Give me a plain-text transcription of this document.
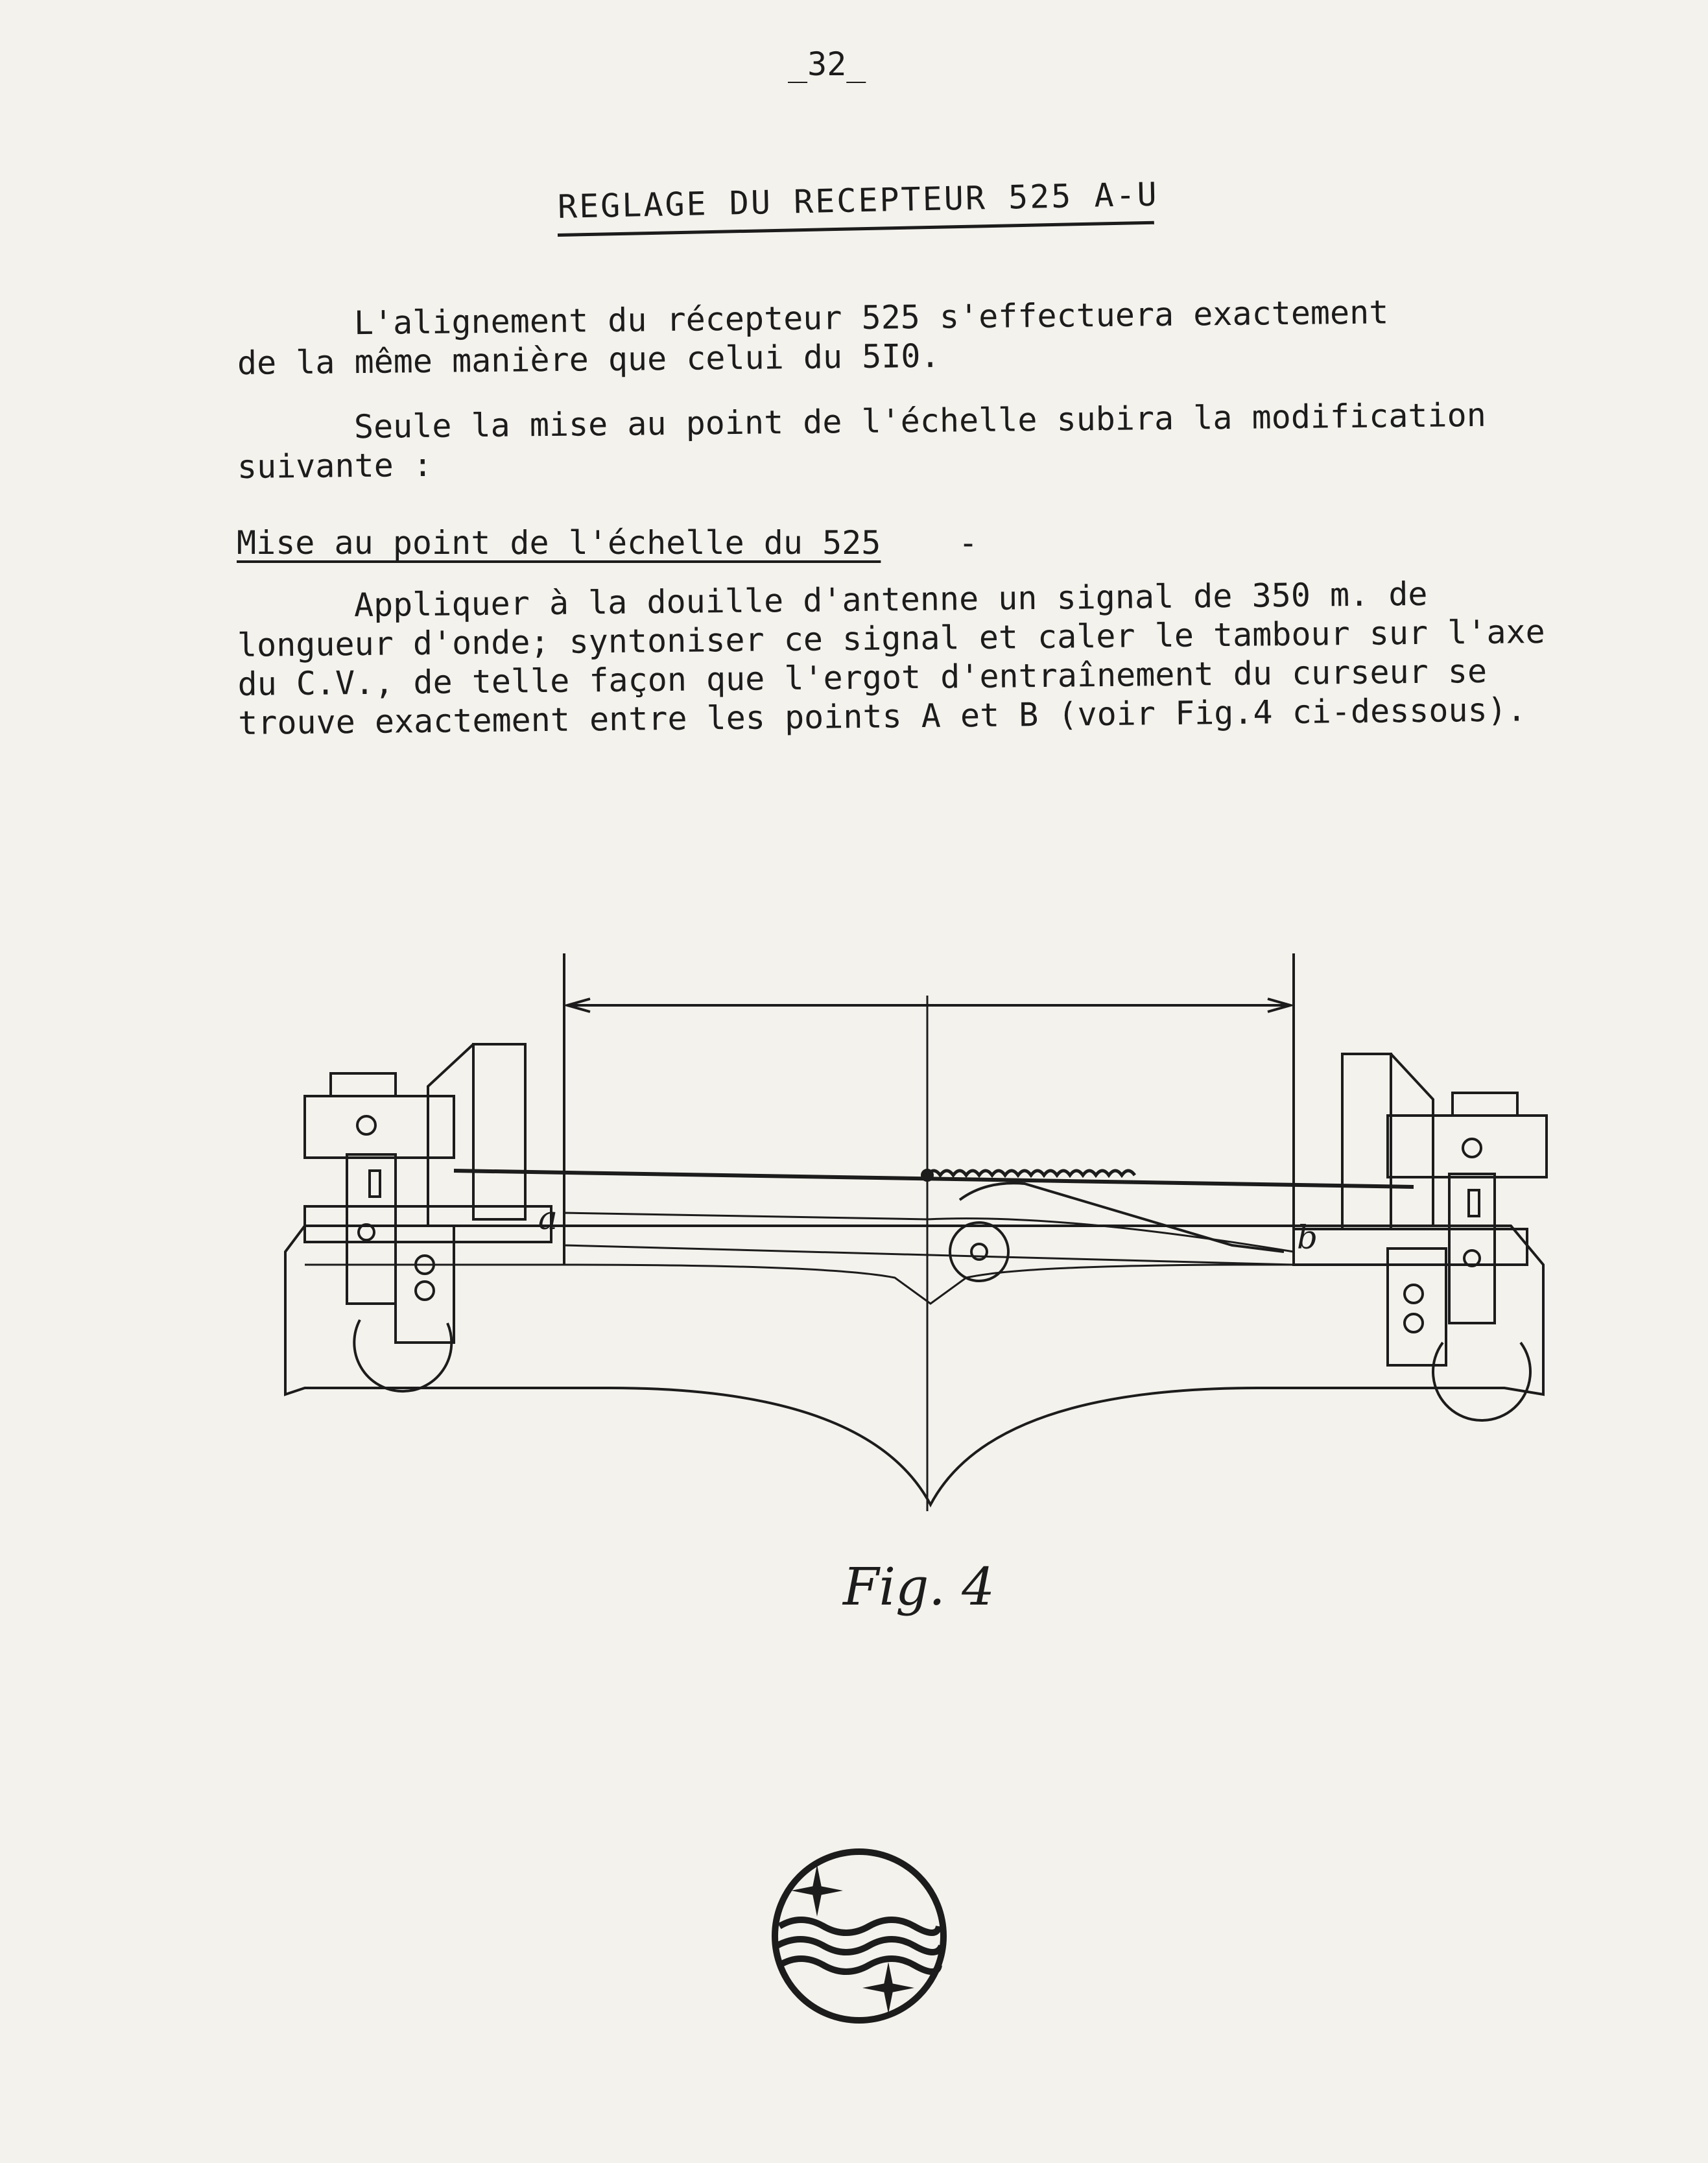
_32_
REGLAGE DU RECEPTEUR 525 A-U
L'alignement du récepteur 525 s'effectuera exactement
de la même manière que celui du 5I0.
Seule la mise au point de l'échelle subira la modification
suivante :
Mise au point de l'échelle du 525 -
Appliquer à la douille d'antenne un signal de 350 m. de
longueur d'onde; syntoniser ce signal et caler le tambour sur l'axe
du C.V., de telle façon que l'ergot d'entraînement du curseur se
trouve exactement entre les points A et B (voir Fig.4 ci-dessous).
a
b
Fig. 4
